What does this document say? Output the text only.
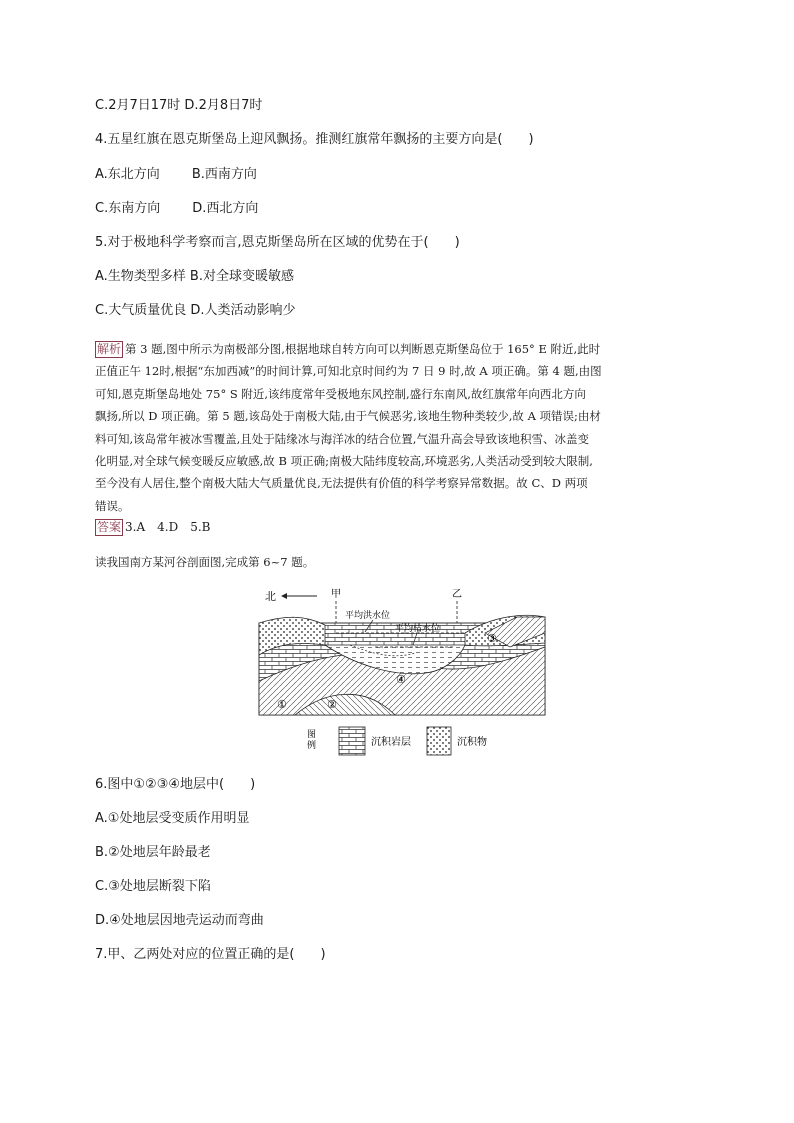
C.2月7日17时 D.2月8日7时
4.五星红旗在恩克斯堡岛上迎风飘扬。推测红旗常年飘扬的主要方向是(　　)
A.东北方向 B.西南方向
C.东南方向 D.西北方向
5.对于极地科学考察而言,恩克斯堡岛所在区域的优势在于(　　)
A.生物类型多样 B.对全球变暖敏感
C.大气质量优良 D.人类活动影响少
解析 第 3 题,图中所示为南极部分图,根据地球自转方向可以判断恩克斯堡岛位于 165° E 附近,此时
正值正午 12时,根据“东加西减”的时间计算,可知北京时间约为 7 日 9 时,故 A 项正确。第 4 题,由图
可知,恩克斯堡岛地处 75° S 附近,该纬度常年受极地东风控制,盛行东南风,故红旗常年向西北方向
飘扬,所以 D 项正确。第 5 题,该岛处于南极大陆,由于气候恶劣,该地生物种类较少,故 A 项错误;由材
料可知,该岛常年被冰雪覆盖,且处于陆缘冰与海洋冰的结合位置,气温升高会导致该地积雪、冰盖变
化明显,对全球气候变暖反应敏感,故 B 项正确;南极大陆纬度较高,环境恶劣,人类活动受到较大限制,
至今没有人居住,整个南极大陆大气质量优良,无法提供有价值的科学考察异常数据。故 C、D 两项
错误。
答案 3.A　4.D　5.B
读我国南方某河谷剖面图,完成第 6~7 题。
北	甲	乙
平均洪水位
平均枯水位
①	②
③
④
图 例	沉积岩层	沉积物
6.图中①②③④地层中(　　)
A.①处地层受变质作用明显
B.②处地层年龄最老
C.③处地层断裂下陷
D.④处地层因地壳运动而弯曲
7.甲、乙两处对应的位置正确的是(　　)
